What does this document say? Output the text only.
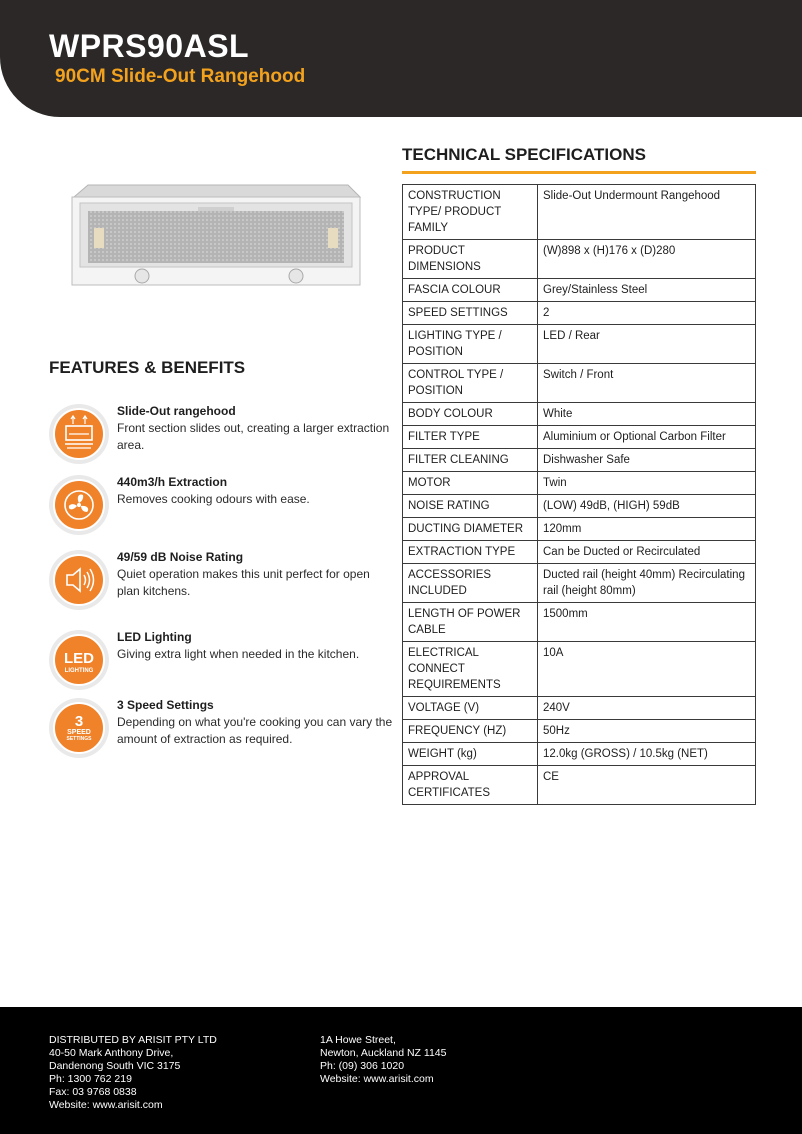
WPRS90ASL
90CM Slide-Out Rangehood
FEATURES & BENEFITS
Slide-Out rangehood
Front section slides out, creating a larger extraction area.
440m3/h Extraction
Removes cooking odours with ease.
49/59 dB Noise Rating
Quiet operation makes this unit perfect for open plan kitchens.
LED
LIGHTING
LED Lighting
Giving extra light when needed in the kitchen.
3
SPEED
SETTINGS
3 Speed Settings
Depending on what you're cooking you can vary the amount of extraction as required.
TECHNICAL SPECIFICATIONS
CONSTRUCTION TYPE/ PRODUCT FAMILY	Slide-Out Undermount Rangehood
PRODUCT DIMENSIONS	(W)898 x (H)176 x (D)280
FASCIA COLOUR	Grey/Stainless Steel
SPEED SETTINGS	2
LIGHTING TYPE / POSITION	LED / Rear
CONTROL TYPE / POSITION	Switch / Front
BODY COLOUR	White
FILTER TYPE	Aluminium or Optional Carbon Filter
FILTER CLEANING	Dishwasher Safe
MOTOR	Twin
NOISE RATING	(LOW) 49dB, (HIGH) 59dB
DUCTING DIAMETER	120mm
EXTRACTION TYPE	Can be Ducted or Recirculated
ACCESSORIES INCLUDED	Ducted rail (height 40mm) Recirculating rail (height 80mm)
LENGTH OF POWER CABLE	1500mm
ELECTRICAL CONNECT REQUIREMENTS	10A
VOLTAGE (V)	240V
FREQUENCY (HZ)	50Hz
WEIGHT (kg)	12.0kg (GROSS) / 10.5kg (NET)
APPROVAL CERTIFICATES	CE
DISTRIBUTED BY ARISIT PTY LTD
40-50 Mark Anthony Drive,
Dandenong South VIC 3175
Ph: 1300 762 219
Fax: 03 9768 0838
Website: www.arisit.com
1A Howe Street,
Newton, Auckland NZ 1145
Ph: (09) 306 1020
Website: www.arisit.com
